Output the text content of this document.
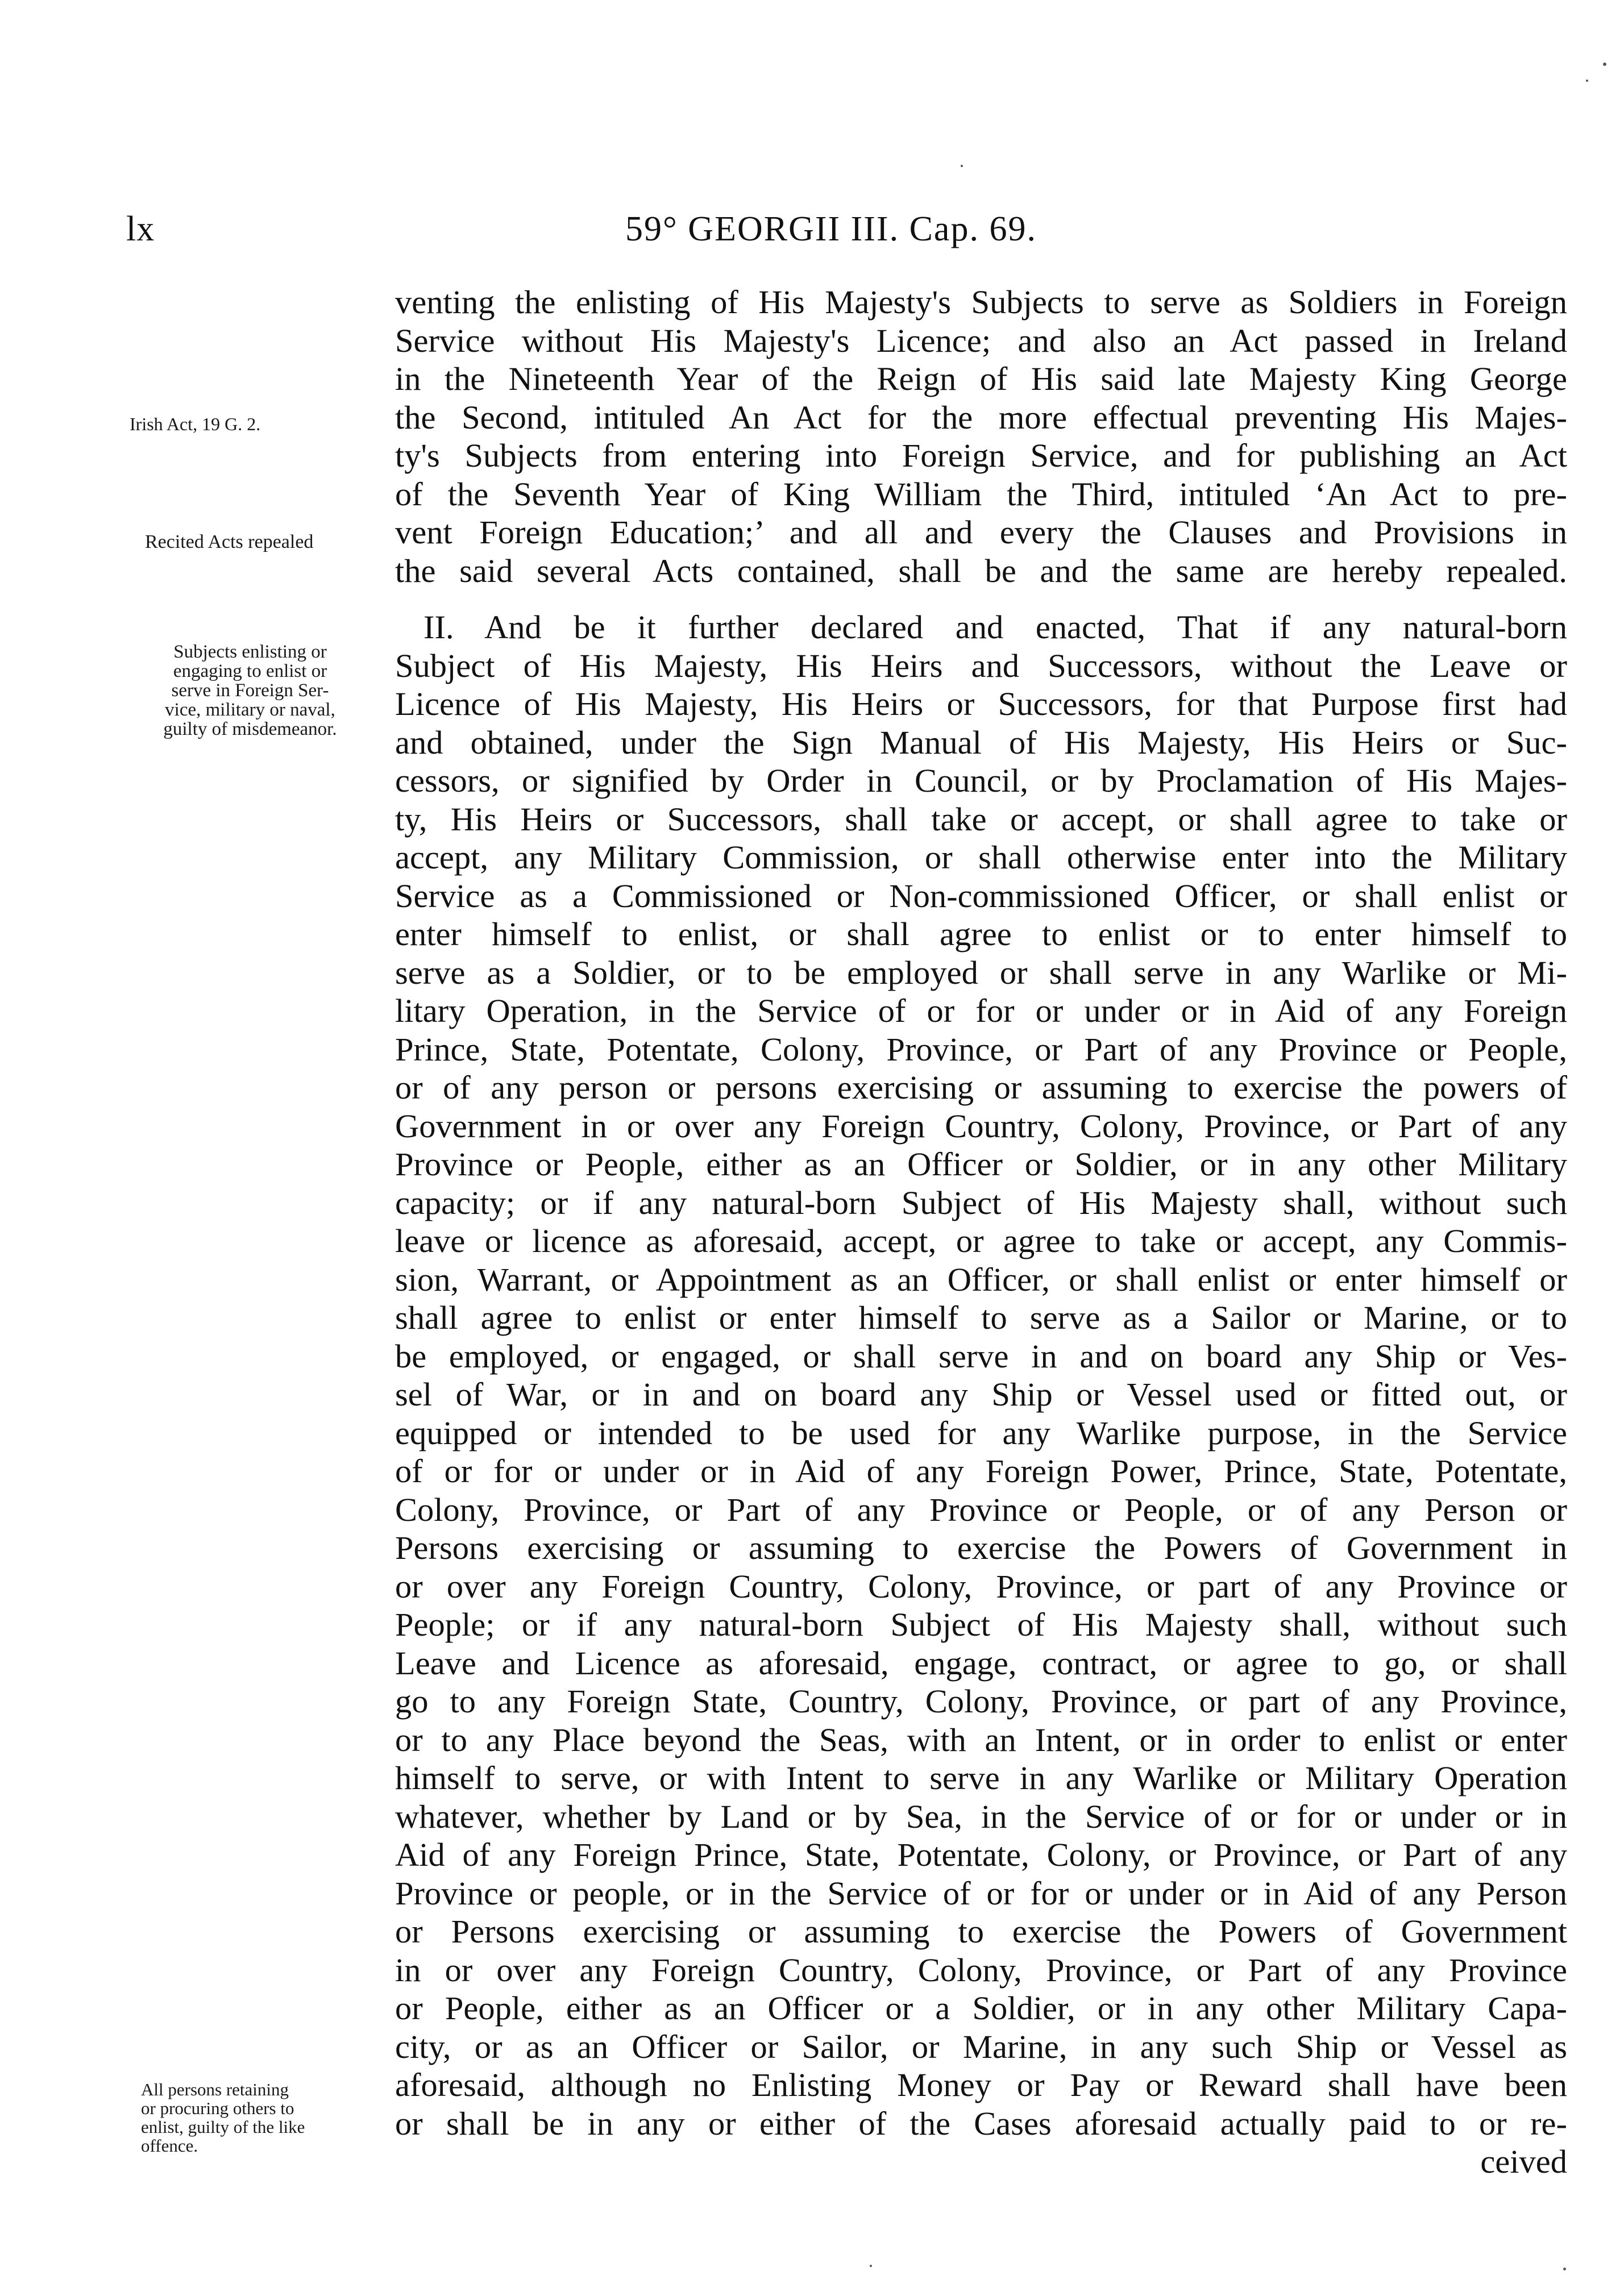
lx	59° GEORGII III. Cap. 69.
Irish Act, 19 G. 2.
Recited Acts repealed
Subjects enlisting or
engaging to enlist or
serve in Foreign Ser-
vice, military or naval,
guilty of misdemeanor.
All persons retaining
or procuring others to
enlist, guilty of the like
offence.
venting the enlisting of His Majesty's Subjects to serve as Soldiers in Foreign
Service without His Majesty's Licence; and also an Act passed in Ireland
in the Nineteenth Year of the Reign of His said late Majesty King George
the Second, intituled An Act for the more effectual preventing His Majes-
ty's Subjects from entering into Foreign Service, and for publishing an Act
of the Seventh Year of King William the Third, intituled ‘An Act to pre-
vent Foreign Education;’ and all and every the Clauses and Provisions in
the said several Acts contained, shall be and the same are hereby repealed.
II. And be it further declared and enacted, That if any natural-born
Subject of His Majesty, His Heirs and Successors, without the Leave or
Licence of His Majesty, His Heirs or Successors, for that Purpose first had
and obtained, under the Sign Manual of His Majesty, His Heirs or Suc-
cessors, or signified by Order in Council, or by Proclamation of His Majes-
ty, His Heirs or Successors, shall take or accept, or shall agree to take or
accept, any Military Commission, or shall otherwise enter into the Military
Service as a Commissioned or Non-commissioned Officer, or shall enlist or
enter himself to enlist, or shall agree to enlist or to enter himself to
serve as a Soldier, or to be employed or shall serve in any Warlike or Mi-
litary Operation, in the Service of or for or under or in Aid of any Foreign
Prince, State, Potentate, Colony, Province, or Part of any Province or People,
or of any person or persons exercising or assuming to exercise the powers of
Government in or over any Foreign Country, Colony, Province, or Part of any
Province or People, either as an Officer or Soldier, or in any other Military
capacity; or if any natural-born Subject of His Majesty shall, without such
leave or licence as aforesaid, accept, or agree to take or accept, any Commis-
sion, Warrant, or Appointment as an Officer, or shall enlist or enter himself or
shall agree to enlist or enter himself to serve as a Sailor or Marine, or to
be employed, or engaged, or shall serve in and on board any Ship or Ves-
sel of War, or in and on board any Ship or Vessel used or fitted out, or
equipped or intended to be used for any Warlike purpose, in the Service
of or for or under or in Aid of any Foreign Power, Prince, State, Potentate,
Colony, Province, or Part of any Province or People, or of any Person or
Persons exercising or assuming to exercise the Powers of Government in
or over any Foreign Country, Colony, Province, or part of any Province or
People; or if any natural-born Subject of His Majesty shall, without such
Leave and Licence as aforesaid, engage, contract, or agree to go, or shall
go to any Foreign State, Country, Colony, Province, or part of any Province,
or to any Place beyond the Seas, with an Intent, or in order to enlist or enter
himself to serve, or with Intent to serve in any Warlike or Military Operation
whatever, whether by Land or by Sea, in the Service of or for or under or in
Aid of any Foreign Prince, State, Potentate, Colony, or Province, or Part of any
Province or people, or in the Service of or for or under or in Aid of any Person
or Persons exercising or assuming to exercise the Powers of Government
in or over any Foreign Country, Colony, Province, or Part of any Province
or People, either as an Officer or a Soldier, or in any other Military Capa-
city, or as an Officer or Sailor, or Marine, in any such Ship or Vessel as
aforesaid, although no Enlisting Money or Pay or Reward shall have been
or shall be in any or either of the Cases aforesaid actually paid to or re-
ceived
